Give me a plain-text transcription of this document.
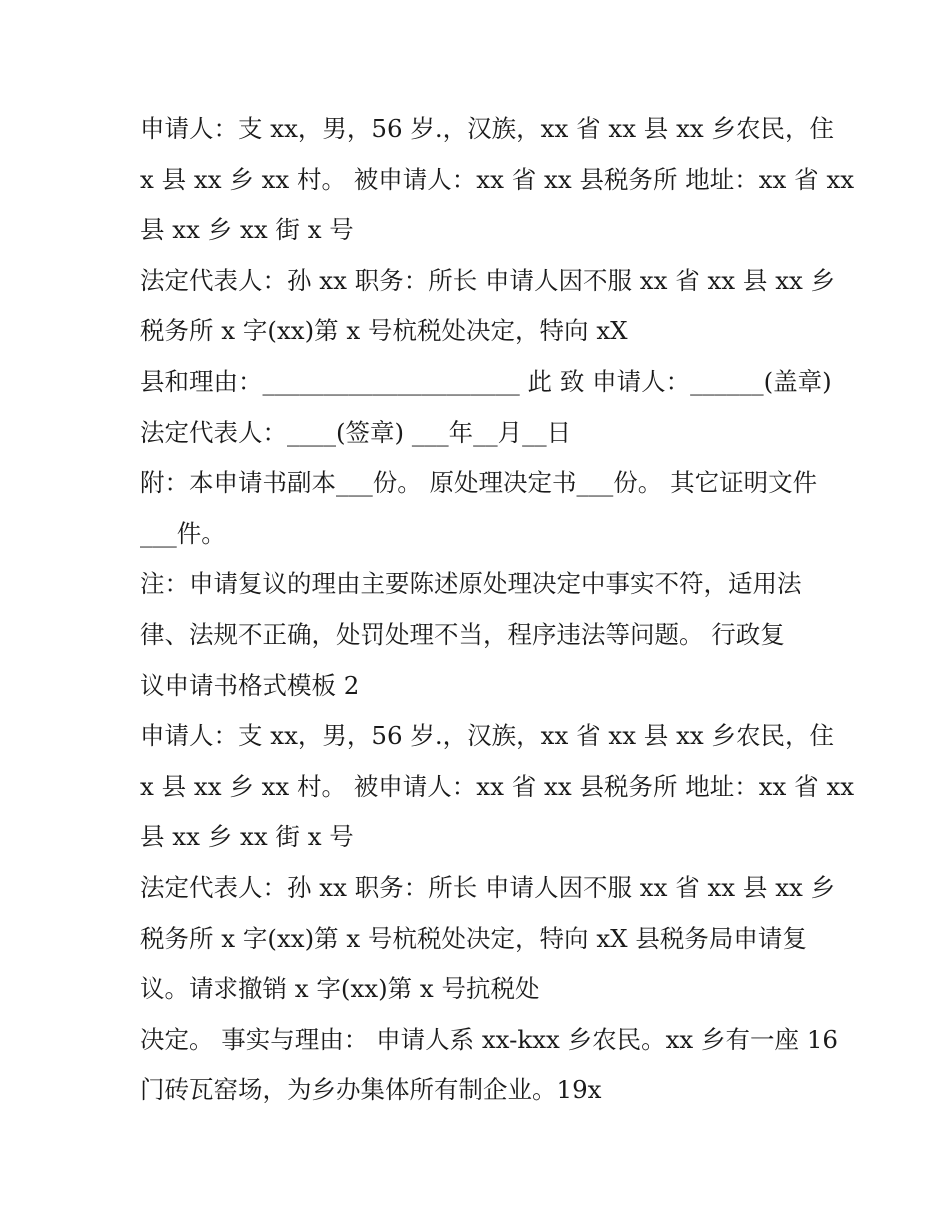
申请人：支 xx，男，56 岁.，汉族，xx 省 xx 县 xx 乡农民，住
x 县 xx 乡 xx 村。 被申请人：xx 省 xx 县税务所 地址：xx 省 xx
县 xx 乡 xx 街 x 号
法定代表人：孙 xx 职务：所长 申请人因不服 xx 省 xx 县 xx 乡
税务所 x 字(xx)第 x 号杭税处决定，特向 xX
县和理由：_____________________ 此 致 申请人：______(盖章)
法定代表人：____(签章) ___年__月__日
附：本申请书副本___份。 原处理决定书___份。 其它证明文件
___件。
注：申请复议的理由主要陈述原处理决定中事实不符，适用法
律、法规不正确，处罚处理不当，程序违法等问题。 行政复
议申请书格式模板 2
申请人：支 xx，男，56 岁.，汉族，xx 省 xx 县 xx 乡农民，住
x 县 xx 乡 xx 村。 被申请人：xx 省 xx 县税务所 地址：xx 省 xx
县 xx 乡 xx 街 x 号
法定代表人：孙 xx 职务：所长 申请人因不服 xx 省 xx 县 xx 乡
税务所 x 字(xx)第 x 号杭税处决定，特向 xX 县税务局申请复
议。请求撤销 x 字(xx)第 x 号抗税处
决定。 事实与理由： 申请人系 xx-kxx 乡农民。xx 乡有一座 16
门砖瓦窑场，为乡办集体所有制企业。19x
